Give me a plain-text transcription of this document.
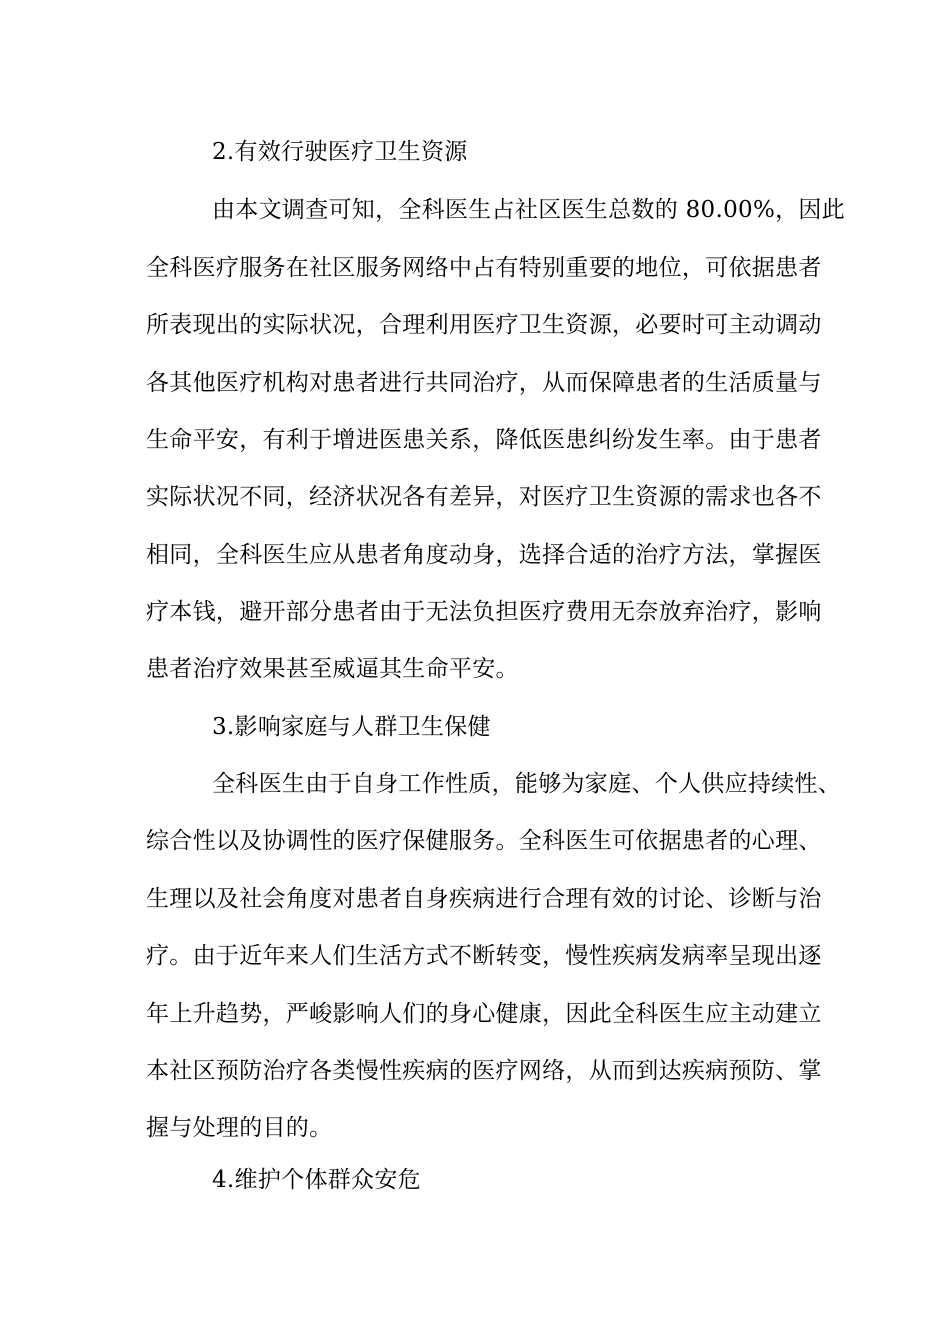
2.有效行驶医疗卫生资源
由本文调查可知，全科医生占社区医生总数的 80.00%，因此
全科医疗服务在社区服务网络中占有特别重要的地位，可依据患者
所表现出的实际状况，合理利用医疗卫生资源，必要时可主动调动
各其他医疗机构对患者进行共同治疗，从而保障患者的生活质量与
生命平安，有利于增进医患关系，降低医患纠纷发生率。由于患者
实际状况不同，经济状况各有差异，对医疗卫生资源的需求也各不
相同，全科医生应从患者角度动身，选择合适的治疗方法，掌握医
疗本钱，避开部分患者由于无法负担医疗费用无奈放弃治疗，影响
患者治疗效果甚至威逼其生命平安。
3.影响家庭与人群卫生保健
全科医生由于自身工作性质，能够为家庭、个人供应持续性、
综合性以及协调性的医疗保健服务。全科医生可依据患者的心理、
生理以及社会角度对患者自身疾病进行合理有效的讨论、诊断与治
疗。由于近年来人们生活方式不断转变，慢性疾病发病率呈现出逐
年上升趋势，严峻影响人们的身心健康，因此全科医生应主动建立
本社区预防治疗各类慢性疾病的医疗网络，从而到达疾病预防、掌
握与处理的目的。
4.维护个体群众安危
